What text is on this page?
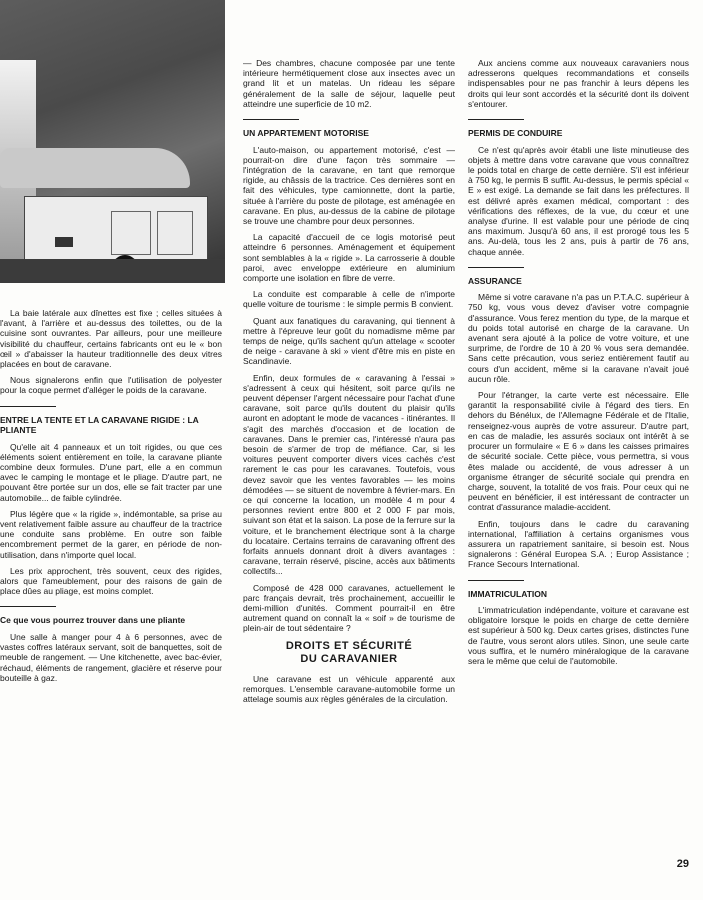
La baie latérale aux dînettes est fixe ; celles situées à l'avant, à l'arrière et au-dessus des toilettes, ou de la cuisine sont ouvrantes. Par ailleurs, pour une meilleure visibilité du chauffeur, certains fabricants ont eu le « bon œil » d'abaisser la hauteur traditionnelle des deux vitres placées en bout de caravane.

Nous signalerons enfin que l'utilisation de polyester pour la coque permet d'alléger le poids de la caravane.

ENTRE LA TENTE ET LA CARAVANE RIGIDE : LA PLIANTE

Qu'elle ait 4 panneaux et un toit rigides, ou que ces éléments soient entièrement en toile, la caravane pliante combine deux formules. D'une part, elle a en commun avec le camping le montage et le pliage. D'autre part, ne pouvant être portée sur un dos, elle se fait tracter par une automobile... de faible cylindrée.

Plus légère que « la rigide », indémontable, sa prise au vent relativement faible assure au chauffeur de la tractrice une conduite sans problème. En outre son faible encombrement permet de la garer, en période de non-utilisation, dans n'importe quel local.

Les prix approchent, très souvent, ceux des rigides, alors que l'ameublement, pour des raisons de gain de place dûes au pliage, est moins complet.

Ce que vous pourrez trouver dans une pliante

Une salle à manger pour 4 à 6 personnes, avec de vastes coffres latéraux servant, soit de banquettes, soit de meuble de rangement. — Une kitchenette, avec bac-évier, réchaud, éléments de rangement, glacière et réserve pour bouteille à gaz.

— Des chambres, chacune composée par une tente intérieure hermétiquement close aux insectes avec un grand lit et un matelas. Un rideau les sépare généralement de la salle de séjour, laquelle peut atteindre une superficie de 10 m2.

UN APPARTEMENT MOTORISE

L'auto-maison, ou appartement motorisé, c'est — pourrait-on dire d'une façon très sommaire — l'intégration de la caravane, en tant que remorque rigide, au châssis de la tractrice. Ces dernières sont en fait des véhicules, type camionnette, dont la partie, située à l'arrière du poste de pilotage, est aménagée en caravane. En plus, au-dessus de la cabine de pilotage se trouve une chambre pour deux personnes.

La capacité d'accueil de ce logis motorisé peut atteindre 6 personnes. Aménagement et équipement sont semblables à la « rigide ». La carrosserie à double paroi, avec enveloppe extérieure en aluminium comporte une isolation en fibre de verre.

La conduite est comparable à celle de n'importe quelle voiture de tourisme : le simple permis B convient.

Quant aux fanatiques du caravaning, qui tiennent à mettre à l'épreuve leur goût du nomadisme même par temps de neige, qu'ils sachent qu'un attelage « scooter de neige - caravane à ski » vient d'être mis en piste en Scandinavie.

Enfin, deux formules de « caravaning à l'essai » s'adressent à ceux qui hésitent, soit parce qu'ils ne peuvent dépenser l'argent nécessaire pour l'achat d'une caravane, soit parce qu'ils doutent du plaisir qu'ils auront en adoptant le mode de vacances - itinérantes. Il s'agit des marchés d'occasion et de location de caravanes. Dans le premier cas, l'intéressé n'aura pas besoin de s'armer de trop de méfiance. Car, si les voitures peuvent comporter divers vices cachés c'est rarement le cas pour les caravanes. Toutefois, vous devez savoir que les ventes favorables — les moins démodées — se situent de novembre à février-mars. En ce qui concerne la location, un modèle 4 m pour 4 personnes revient entre 800 et 2 000 F par mois, suivant son état et la saison. La pose de la ferrure sur la voiture, et le branchement électrique sont à la charge du locataire. Certains terrains de caravaning offrent des forfaits annuels donnant droit à divers avantages : caravane, terrain réservé, piscine, accès aux bâtiments collectifs...

Composé de 428 000 caravanes, actuellement le parc français devrait, très prochainement, accueillir le demi-million d'unités. Comment pourrait-il en être autrement quand on connaît la « soif » de tourisme de plein-air de tout sédentaire ?

DROITS ET SÉCURITÉ
DU CARAVANIER

Une caravane est un véhicule apparenté aux remorques. L'ensemble caravane-automobile forme un attelage soumis aux règles générales de la circulation.

Aux anciens comme aux nouveaux caravaniers nous adresserons quelques recommandations et conseils indispensables pour ne pas franchir à leurs dépens les droits qui leur sont accordés et la sécurité dont ils doivent s'entourer.

PERMIS DE CONDUIRE

Ce n'est qu'après avoir établi une liste minutieuse des objets à mettre dans votre caravane que vous connaîtrez le poids total en charge de cette dernière. S'il est inférieur à 750 kg, le permis B suffit. Au-dessus, le permis spécial « E » est exigé. La demande se fait dans les préfectures. Il est délivré après examen médical, comportant : des vérifications des réflexes, de la vue, du cœur et une analyse d'urine. Il est valable pour une période de cinq ans maximum. Jusqu'à 60 ans, il est prorogé tous les 5 ans. Au-delà, tous les 2 ans, puis à partir de 76 ans, chaque année.

ASSURANCE

Même si votre caravane n'a pas un P.T.A.C. supérieur à 750 kg, vous vous devez d'aviser votre compagnie d'assurance. Vous ferez mention du type, de la marque et du poids total autorisé en charge de la caravane. Un avenant sera ajouté à la police de votre voiture, et une surprime, de l'ordre de 10 à 20 % vous sera demandée. Sans cette précaution, vous seriez entièrement fautif au cours d'un accident, même si la caravane n'avait joué aucun rôle.

Pour l'étranger, la carte verte est nécessaire. Elle garantit la responsabilité civile à l'égard des tiers. En dehors du Bénélux, de l'Allemagne Fédérale et de l'Italie, renseignez-vous auprès de votre assureur. D'autre part, en cas de maladie, les assurés sociaux ont intérêt à se procurer un formulaire « E 6 » dans les caisses primaires de sécurité sociale. Cette pièce, vous permettra, si vous êtes malade ou accidenté, de vous adresser à un organisme étranger de sécurité sociale qui prendra en charge, souvent, la totalité de vos frais. Pour ceux qui ne peuvent en bénéficier, il est intéressant de contracter un contrat d'assurance maladie-accident.

Enfin, toujours dans le cadre du caravaning international, l'affiliation à certains organismes vous assurera un rapatriement sanitaire, si besoin est. Nous signalerons : Général Europea S.A. ; Europ Assistance ; France Secours International.

IMMATRICULATION

L'immatriculation indépendante, voiture et caravane est obligatoire lorsque le poids en charge de cette dernière est supérieur à 500 kg. Deux cartes grises, distinctes l'une de l'autre, vous seront alors utiles. Sinon, une seule carte vous suffira, et le numéro minéralogique de la caravane sera le même que celui de l'automobile.

29
